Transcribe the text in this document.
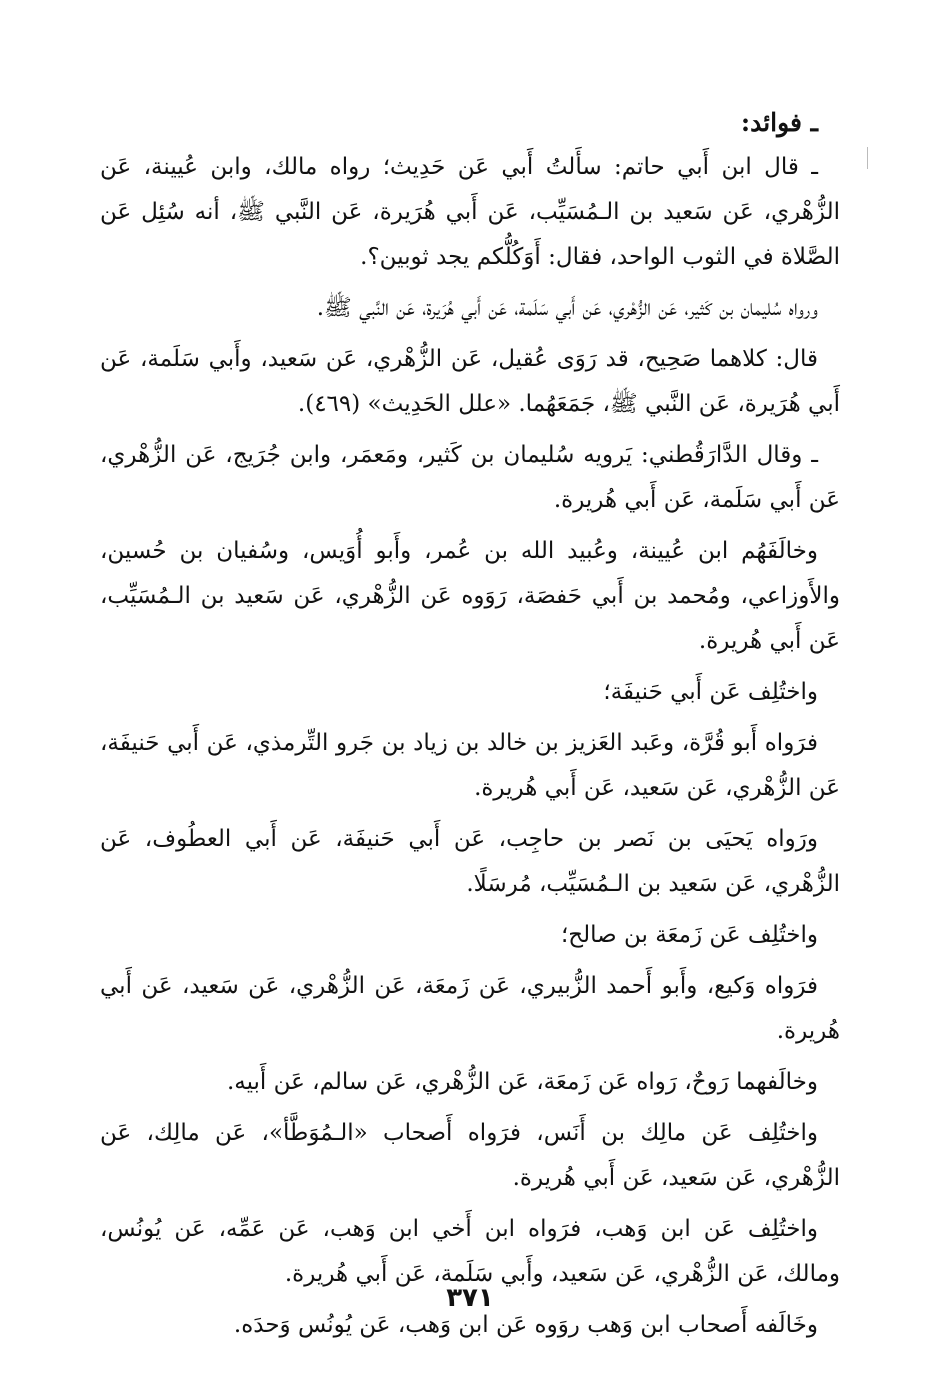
ـ فوائد:

ـ قال ابن أَبي حاتم: سأَلتُ أَبي عَن حَدِيث؛ رواه مالك، وابن عُيينة، عَن الزُّهْري، عَن سَعيد بن الـمُسَيِّب، عَن أَبي هُرَيرة، عَن النَّبي ﷺ، أنه سُئِل عَن الصَّلاة في الثوب الواحد، فقال: أَوَكُلُّكم يجد ثوبين؟.

ورواه سُليمان بن كَثير، عَن الزُّهْري، عَن أَبي سَلَمة، عَن أَبي هُرَيرة، عَن النَّبي ﷺ.

قال: كلاهما صَحِيح، قد رَوَى عُقيل، عَن الزُّهْري، عَن سَعيد، وأَبي سَلَمة، عَن أَبي هُرَيرة، عَن النَّبي ﷺ، جَمَعَهُما. «علل الحَدِيث» (٤٦٩).

ـ وقال الدَّارَقُطني: يَرويه سُليمان بن كَثير، ومَعمَر، وابن جُرَيج، عَن الزُّهْري، عَن أَبي سَلَمة، عَن أَبي هُريرة.

وخالَفَهُم ابن عُيينة، وعُبيد الله بن عُمر، وأَبو أُوَيس، وسُفيان بن حُسين، والأَوزاعي، ومُحمد بن أَبي حَفصَة، رَوَوه عَن الزُّهْري، عَن سَعيد بن الـمُسَيِّب، عَن أَبي هُريرة.

واختُلِف عَن أَبي حَنيفَة؛

فرَواه أَبو قُرَّة، وعَبد العَزيز بن خالد بن زياد بن جَرو التِّرمذي، عَن أَبي حَنيفَة، عَن الزُّهْري، عَن سَعيد، عَن أَبي هُريرة.

ورَواه يَحيَى بن نَصر بن حاجِب، عَن أَبي حَنيفَة، عَن أَبي العطُوف، عَن الزُّهْري، عَن سَعيد بن الـمُسَيِّب، مُرسَلًا.

واختُلِف عَن زَمعَة بن صالح؛

فرَواه وَكيع، وأَبو أَحمد الزُّبيري، عَن زَمعَة، عَن الزُّهْري، عَن سَعيد، عَن أَبي هُريرة.

وخالَفهما رَوحٌ، رَواه عَن زَمعَة، عَن الزُّهْري، عَن سالم، عَن أَبيه.

واختُلِف عَن مالِك بن أَنَس، فرَواه أَصحاب «الـمُوَطَّأ»، عَن مالِك، عَن الزُّهْري، عَن سَعيد، عَن أَبي هُريرة.

واختُلِف عَن ابن وَهب، فرَواه ابن أَخي ابن وَهب، عَن عَمِّه، عَن يُونُس، ومالك، عَن الزُّهْري، عَن سَعيد، وأَبي سَلَمة، عَن أَبي هُريرة.

وخَالَفه أَصحاب ابن وَهب روَوه عَن ابن وَهب، عَن يُونُس وَحدَه.

٣٧١
